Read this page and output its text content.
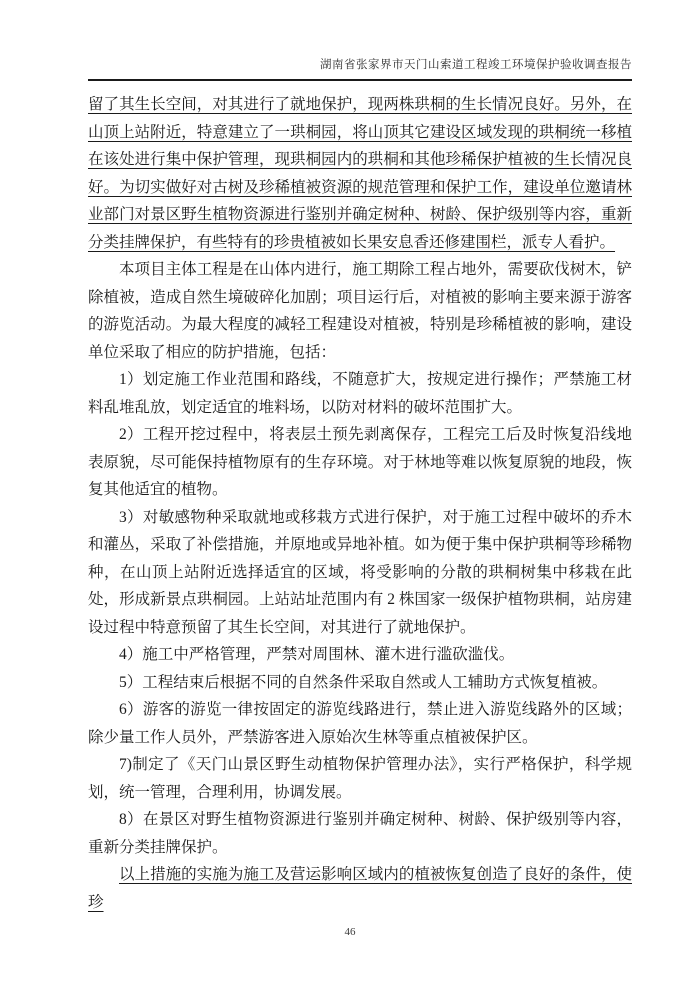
湖南省张家界市天门山索道工程竣工环境保护验收调查报告

留了其生长空间，对其进行了就地保护，现两株珙桐的生长情况良好。另外，在山顶上站附近，特意建立了一珙桐园，将山顶其它建设区域发现的珙桐统一移植在该处进行集中保护管理，现珙桐园内的珙桐和其他珍稀保护植被的生长情况良好。为切实做好对古树及珍稀植被资源的规范管理和保护工作，建设单位邀请林业部门对景区野生植物资源进行鉴别并确定树种、树龄、保护级别等内容，重新分类挂牌保护，有些特有的珍贵植被如长果安息香还修建围栏，派专人看护。

本项目主体工程是在山体内进行，施工期除工程占地外，需要砍伐树木，铲除植被，造成自然生境破碎化加剧；项目运行后，对植被的影响主要来源于游客的游览活动。为最大程度的减轻工程建设对植被，特别是珍稀植被的影响，建设单位采取了相应的防护措施，包括：

1）划定施工作业范围和路线，不随意扩大，按规定进行操作；严禁施工材料乱堆乱放，划定适宜的堆料场，以防对材料的破坏范围扩大。

2）工程开挖过程中，将表层土预先剥离保存，工程完工后及时恢复沿线地表原貌，尽可能保持植物原有的生存环境。对于林地等难以恢复原貌的地段，恢复其他适宜的植物。

3）对敏感物种采取就地或移栽方式进行保护，对于施工过程中破坏的乔木和灌丛，采取了补偿措施，并原地或异地补植。如为便于集中保护珙桐等珍稀物种，在山顶上站附近选择适宜的区域，将受影响的分散的珙桐树集中移栽在此处，形成新景点珙桐园。上站站址范围内有 2 株国家一级保护植物珙桐，站房建设过程中特意预留了其生长空间，对其进行了就地保护。

4）施工中严格管理，严禁对周围林、灌木进行滥砍滥伐。

5）工程结束后根据不同的自然条件采取自然或人工辅助方式恢复植被。

6）游客的游览一律按固定的游览线路进行，禁止进入游览线路外的区域；除少量工作人员外，严禁游客进入原始次生林等重点植被保护区。

7)制定了《天门山景区野生动植物保护管理办法》，实行严格保护，科学规划，统一管理，合理利用，协调发展。

8）在景区对野生植物资源进行鉴别并确定树种、树龄、保护级别等内容，重新分类挂牌保护。

以上措施的实施为施工及营运影响区域内的植被恢复创造了良好的条件，使珍

46
